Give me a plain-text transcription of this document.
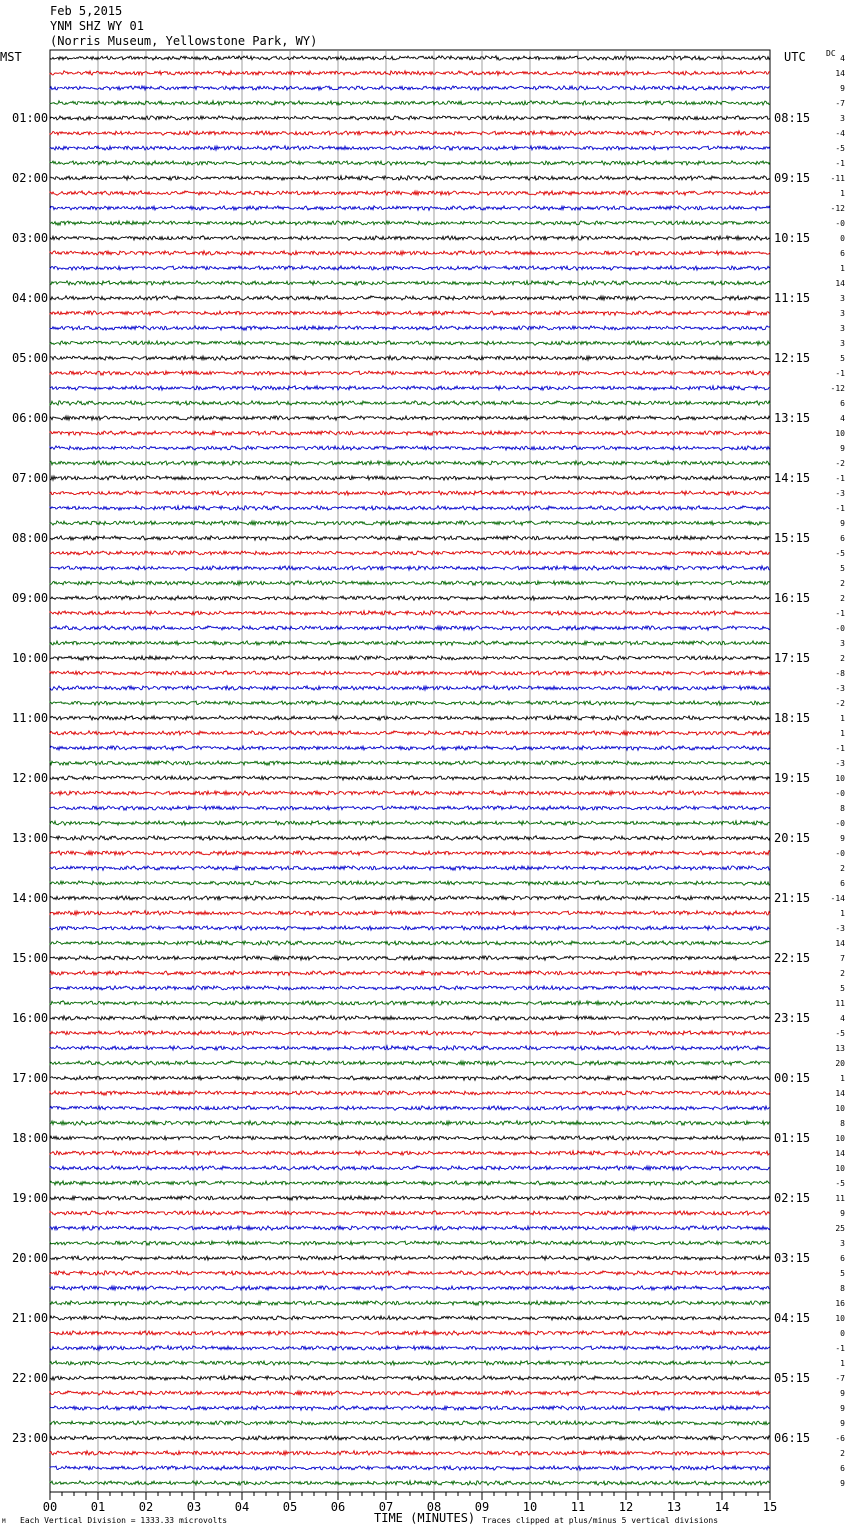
Feb 5,2015
YNM SHZ WY 01
(Norris Museum, Yellowstone Park, WY)
01:00
02:00
03:00
04:00
05:00
06:00
07:00
08:00
09:00
10:00
11:00
12:00
13:00
14:00
15:00
16:00
17:00
18:00
19:00
20:00
21:00
22:00
23:00
08:15
09:15
10:15
11:15
12:15
13:15
14:15
15:15
16:15
17:15
18:15
19:15
20:15
21:15
22:15
23:15
00:15
01:15
02:15
03:15
04:15
05:15
06:15
4
14
9
-7
3
-4
-5
-1
-11
1
-12
-0
0
6
1
14
3
3
3
3
5
-1
-12
6
4
10
9
-2
-1
-3
-1
9
6
-5
5
2
2
-1
-0
3
2
-8
-3
-2
1
1
-1
-3
10
-0
8
-0
9
-0
2
6
-14
1
-3
14
7
2
5
11
4
-5
13
20
1
14
10
8
10
14
10
-5
11
9
25
3
6
5
8
16
10
0
-1
1
-7
9
9
9
-6
2
6
9
00	01	02	03	04	05	06	07	08	09	10	11	12	13	14	15
MST	UTC	DC
TIME (MINUTES)
Each Vertical Division = 1333.33 microvolts	Traces clipped at plus/minus 5 vertical divisions
M
